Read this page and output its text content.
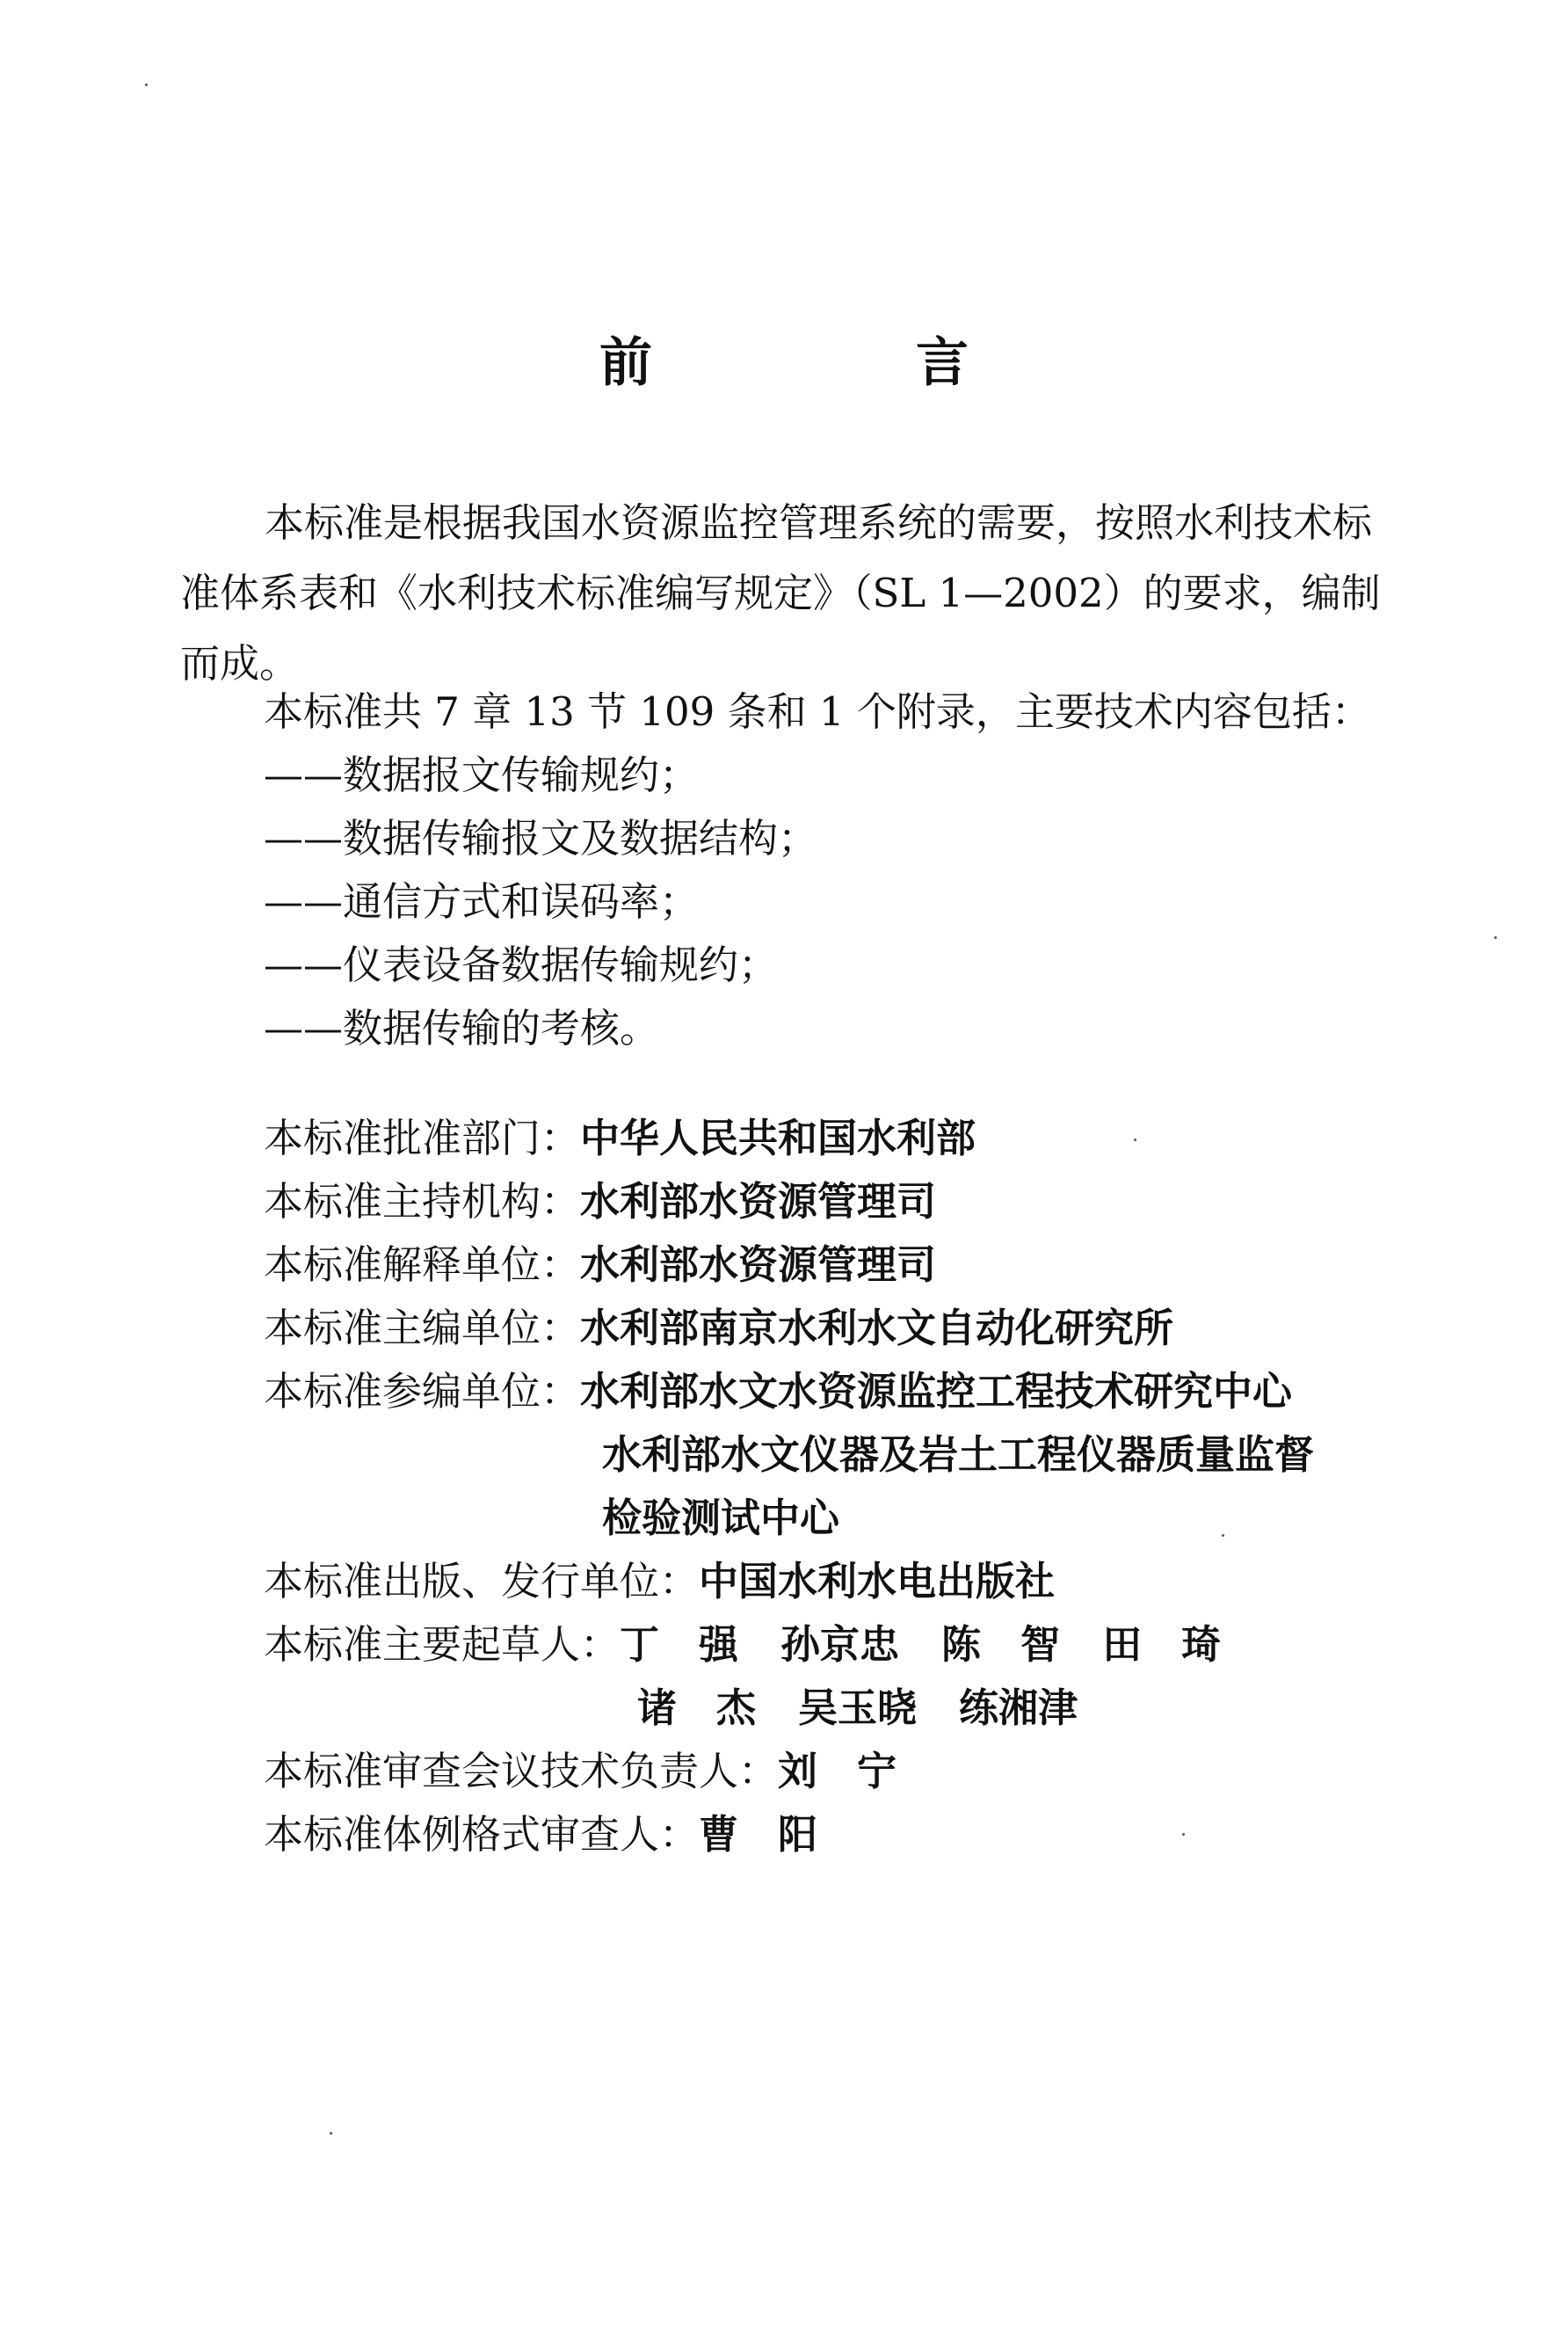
前　言
本标准是根据我国水资源监控管理系统的需要，按照水利技术标准体系表和《水利技术标准编写规定》（SL 1—2002）的要求，编制而成。
本标准共 7 章 13 节 109 条和 1 个附录，主要技术内容包括：
——数据报文传输规约；
——数据传输报文及数据结构；
——通信方式和误码率；
——仪表设备数据传输规约；
——数据传输的考核。
本标准批准部门：中华人民共和国水利部
本标准主持机构：水利部水资源管理司
本标准解释单位：水利部水资源管理司
本标准主编单位：水利部南京水利水文自动化研究所
本标准参编单位：水利部水文水资源监控工程技术研究中心
水利部水文仪器及岩土工程仪器质量监督
检验测试中心
本标准出版、发行单位：中国水利水电出版社
本标准主要起草人：丁　强 孙京忠 陈　智 田　琦
诸　杰 吴玉晓 练湘津
本标准审查会议技术负责人：刘　宁
本标准体例格式审查人：曹　阳
